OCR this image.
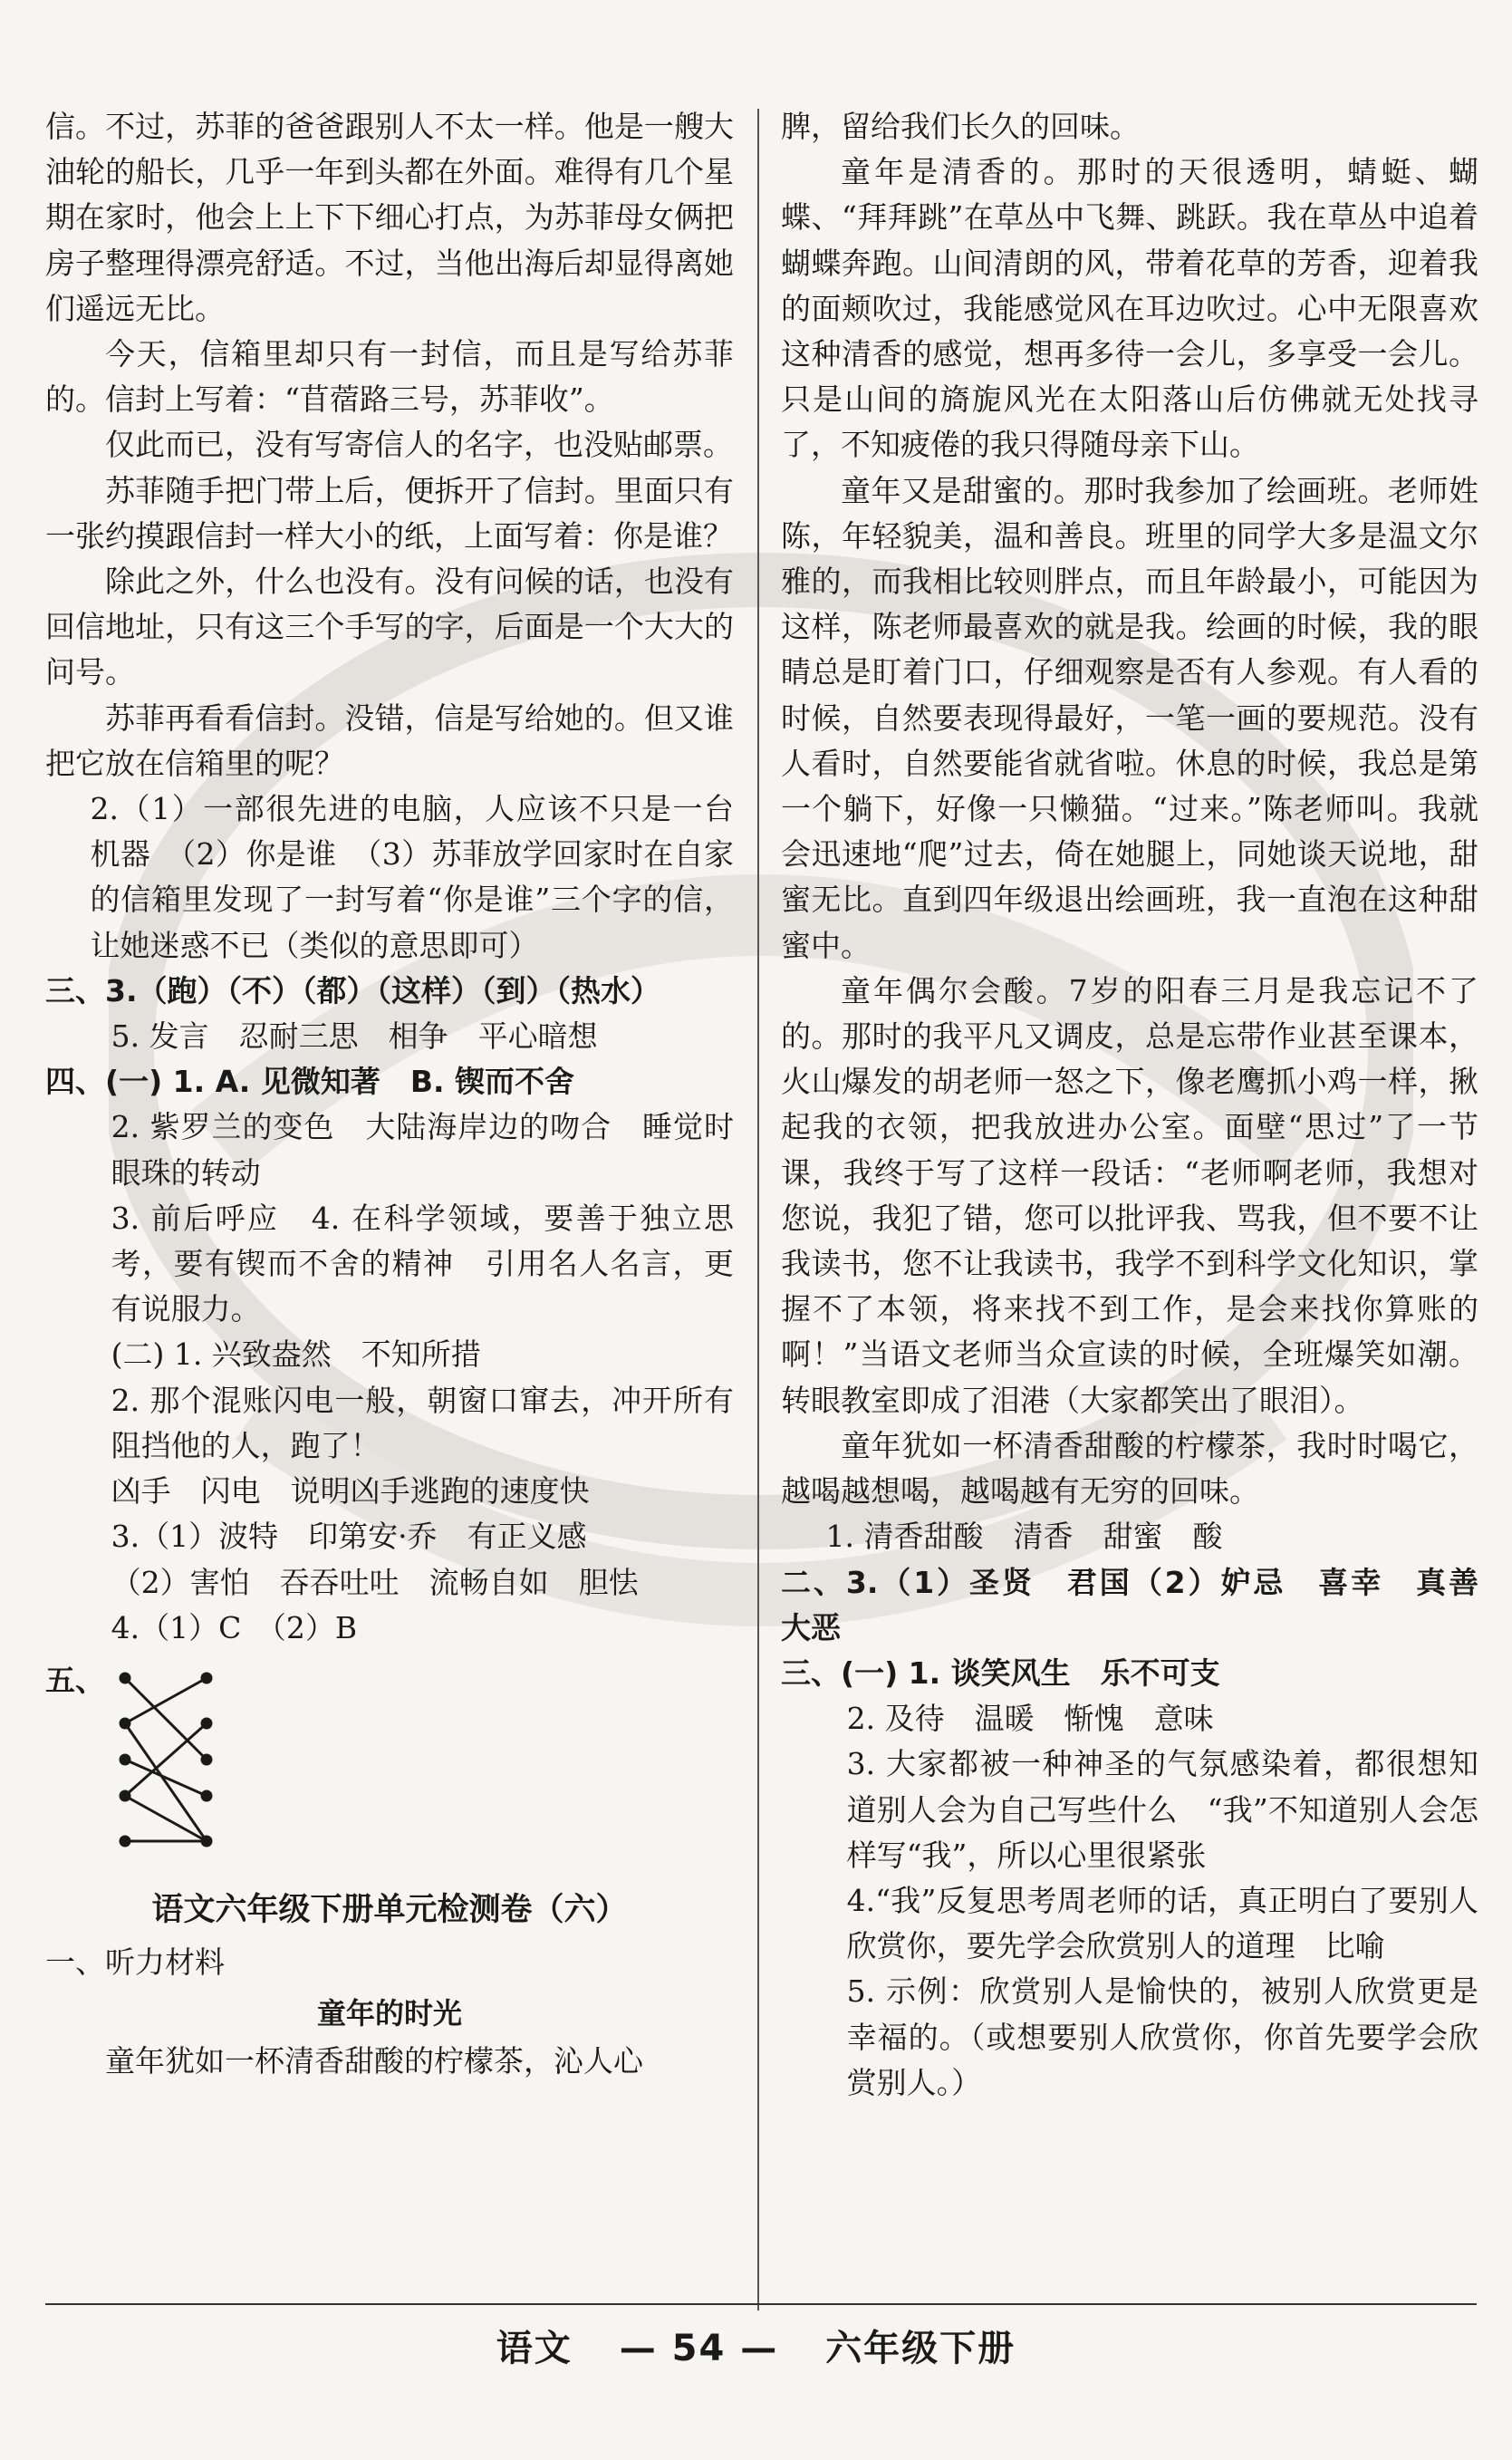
信。不过，苏菲的爸爸跟别人不太一样。他是一艘大油轮的船长，几乎一年到头都在外面。难得有几个星期在家时，他会上上下下细心打点，为苏菲母女俩把房子整理得漂亮舒适。不过，当他出海后却显得离她们遥远无比。

今天，信箱里却只有一封信，而且是写给苏菲的。信封上写着：“苜蓿路三号，苏菲收”。

仅此而已，没有写寄信人的名字，也没贴邮票。

苏菲随手把门带上后，便拆开了信封。里面只有一张约摸跟信封一样大小的纸，上面写着：你是谁？

除此之外，什么也没有。没有问候的话，也没有回信地址，只有这三个手写的字，后面是一个大大的问号。

苏菲再看看信封。没错，信是写给她的。但又谁把它放在信箱里的呢？

2.（1）一部很先进的电脑，人应该不只是一台机器　（2）你是谁　（3）苏菲放学回家时在自家的信箱里发现了一封写着“你是谁”三个字的信，让她迷惑不已（类似的意思即可）

三、3.（跑）（不）（都）（这样）（到）（热水）

5. 发言　忍耐三思　相争　平心暗想

四、(一) 1. A. 见微知著　B. 锲而不舍

2. 紫罗兰的变色　大陆海岸边的吻合　睡觉时眼珠的转动

3. 前后呼应　4. 在科学领域，要善于独立思考，要有锲而不舍的精神　引用名人名言，更有说服力。

(二) 1. 兴致盎然　不知所措

2. 那个混账闪电一般，朝窗口窜去，冲开所有阻挡他的人，跑了！

凶手　闪电　说明凶手逃跑的速度快

3.（1）波特　印第安·乔　有正义感

（2）害怕　吞吞吐吐　流畅自如　胆怯

4.（1）C　（2）B

五、
语文六年级下册单元检测卷（六）

一、听力材料

童年的时光

童年犹如一杯清香甜酸的柠檬茶，沁人心

脾，留给我们长久的回味。

童年是清香的。那时的天很透明，蜻蜓、蝴蝶、“拜拜跳”在草丛中飞舞、跳跃。我在草丛中追着蝴蝶奔跑。山间清朗的风，带着花草的芳香，迎着我的面颊吹过，我能感觉风在耳边吹过。心中无限喜欢这种清香的感觉，想再多待一会儿，多享受一会儿。只是山间的旖旎风光在太阳落山后仿佛就无处找寻了，不知疲倦的我只得随母亲下山。

童年又是甜蜜的。那时我参加了绘画班。老师姓陈，年轻貌美，温和善良。班里的同学大多是温文尔雅的，而我相比较则胖点，而且年龄最小，可能因为这样，陈老师最喜欢的就是我。绘画的时候，我的眼睛总是盯着门口，仔细观察是否有人参观。有人看的时候，自然要表现得最好，一笔一画的要规范。没有人看时，自然要能省就省啦。休息的时候，我总是第一个躺下，好像一只懒猫。“过来。”陈老师叫。我就会迅速地“爬”过去，倚在她腿上，同她谈天说地，甜蜜无比。直到四年级退出绘画班，我一直泡在这种甜蜜中。

童年偶尔会酸。7岁的阳春三月是我忘记不了的。那时的我平凡又调皮，总是忘带作业甚至课本，火山爆发的胡老师一怒之下，像老鹰抓小鸡一样，揪起我的衣领，把我放进办公室。面壁“思过”了一节课，我终于写了这样一段话：“老师啊老师，我想对您说，我犯了错，您可以批评我、骂我，但不要不让我读书，您不让我读书，我学不到科学文化知识，掌握不了本领，将来找不到工作，是会来找你算账的啊！”当语文老师当众宣读的时候，全班爆笑如潮。转眼教室即成了泪港（大家都笑出了眼泪）。

童年犹如一杯清香甜酸的柠檬茶，我时时喝它，越喝越想喝，越喝越有无穷的回味。

1. 清香甜酸　清香　甜蜜　酸

二、3.（1）圣贤　君国（2）妒忌　喜幸　真善　大恶

三、(一) 1. 谈笑风生　乐不可支

2. 及待　温暖　惭愧　意味

3. 大家都被一种神圣的气氛感染着，都很想知道别人会为自己写些什么　“我”不知道别人会怎样写“我”，所以心里很紧张

4.“我”反复思考周老师的话，真正明白了要别人欣赏你，要先学会欣赏别人的道理　比喻

5. 示例：欣赏别人是愉快的，被别人欣赏更是幸福的。（或想要别人欣赏你，你首先要学会欣赏别人。）

语文 — 54 — 六年级下册
